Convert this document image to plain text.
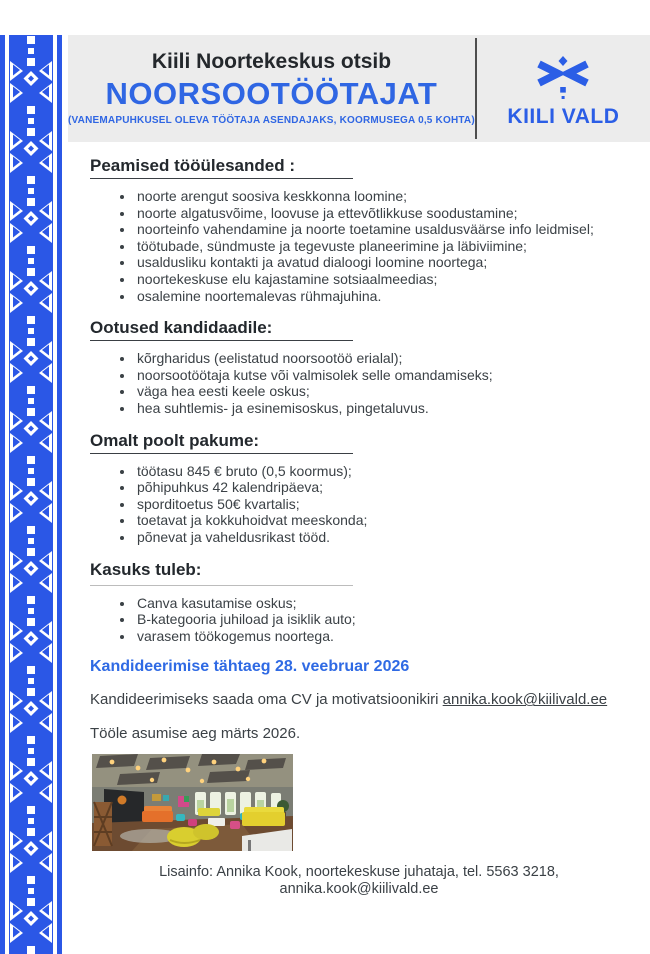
Kiili Noortekeskus otsib
NOORSOOTÖÖTAJAT
(VANEMAPUHKUSEL OLEVA TÖÖTAJA ASENDAJAKS, KOORMUSEGA 0,5 KOHTA) KIILI VALD
Peamised tööülesanded :
• noorte arengut soosiva keskkonna loomine;
• noorte algatusvõime, loovuse ja ettevõtlikkuse soodustamine;
• noorteinfo vahendamine ja noorte toetamine usaldusväärse info leidmisel;
• töötubade, sündmuste ja tegevuste planeerimine ja läbiviimine;
• usaldusliku kontakti ja avatud dialoogi loomine noortega;
• noortekeskuse elu kajastamine sotsiaalmeedias;
• osalemine noortemalevas rühmajuhina.
Ootused kandidaadile:
• kõrgharidus (eelistatud noorsootöö erialal);
• noorsootöötaja kutse või valmisolek selle omandamiseks;
• väga hea eesti keele oskus;
• hea suhtlemis- ja esinemisoskus, pingetaluvus.
Omalt poolt pakume:
• töötasu 845 € bruto (0,5 koormus);
• põhipuhkus 42 kalendripäeva;
• sporditoetus 50€ kvartalis;
• toetavat ja kokkuhoidvat meeskonda;
• põnevat ja vaheldusrikast tööd.
Kasuks tuleb:
• Canva kasutamise oskus;
• B-kategooria juhiload ja isiklik auto;
• varasem töökogemus noortega.
Kandideerimise tähtaeg 28. veebruar 2026

Kandideerimiseks saada oma CV ja motivatsioonikiri annika.kook@kiilivald.ee

Tööle asumise aeg märts 2026.
Lisainfo: Annika Kook, noortekeskuse juhataja, tel. 5563 3218,
annika.kook@kiilivald.ee
